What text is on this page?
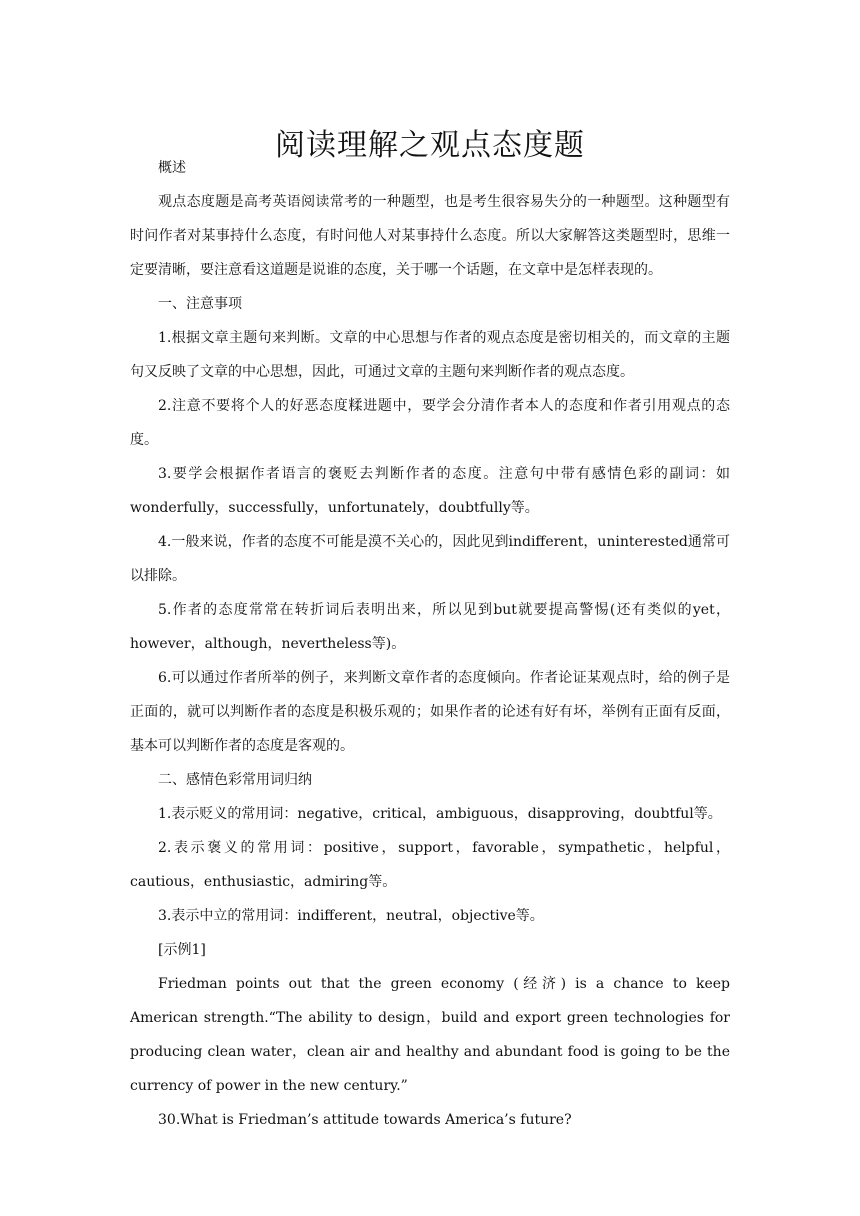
阅读理解之观点态度题

概述

观点态度题是高考英语阅读常考的一种题型，也是考生很容易失分的一种题型。这种题型有时问作者对某事持什么态度，有时问他人对某事持什么态度。所以大家解答这类题型时，思维一定要清晰，要注意看这道题是说谁的态度，关于哪一个话题，在文章中是怎样表现的。

一、注意事项

1.根据文章主题句来判断。文章的中心思想与作者的观点态度是密切相关的，而文章的主题句又反映了文章的中心思想，因此，可通过文章的主题句来判断作者的观点态度。

2.注意不要将个人的好恶态度糅进题中，要学会分清作者本人的态度和作者引用观点的态度。

3.要学会根据作者语言的褒贬去判断作者的态度。注意句中带有感情色彩的副词：如wonderfully，successfully，unfortunately，doubtfully等。

4.一般来说，作者的态度不可能是漠不关心的，因此见到indifferent，uninterested通常可以排除。

5.作者的态度常常在转折词后表明出来，所以见到but就要提高警惕(还有类似的yet，however，although，nevertheless等)。

6.可以通过作者所举的例子，来判断文章作者的态度倾向。作者论证某观点时，给的例子是正面的，就可以判断作者的态度是积极乐观的；如果作者的论述有好有坏，举例有正面有反面，基本可以判断作者的态度是客观的。

二、感情色彩常用词归纳

1.表示贬义的常用词：negative，critical，ambiguous，disapproving，doubtful等。

2.表示褒义的常用词：positive，support，favorable，sympathetic，helpful，cautious，enthusiastic，admiring等。

3.表示中立的常用词：indifferent，neutral，objective等。

[示例1]

Friedman points out that the green economy (经济) is a chance to keep American strength.“The ability to design，build and export green technologies for producing clean water，clean air and healthy and abundant food is going to be the currency of power in the new century.”

30.What is Friedman’s attitude towards America’s future?
